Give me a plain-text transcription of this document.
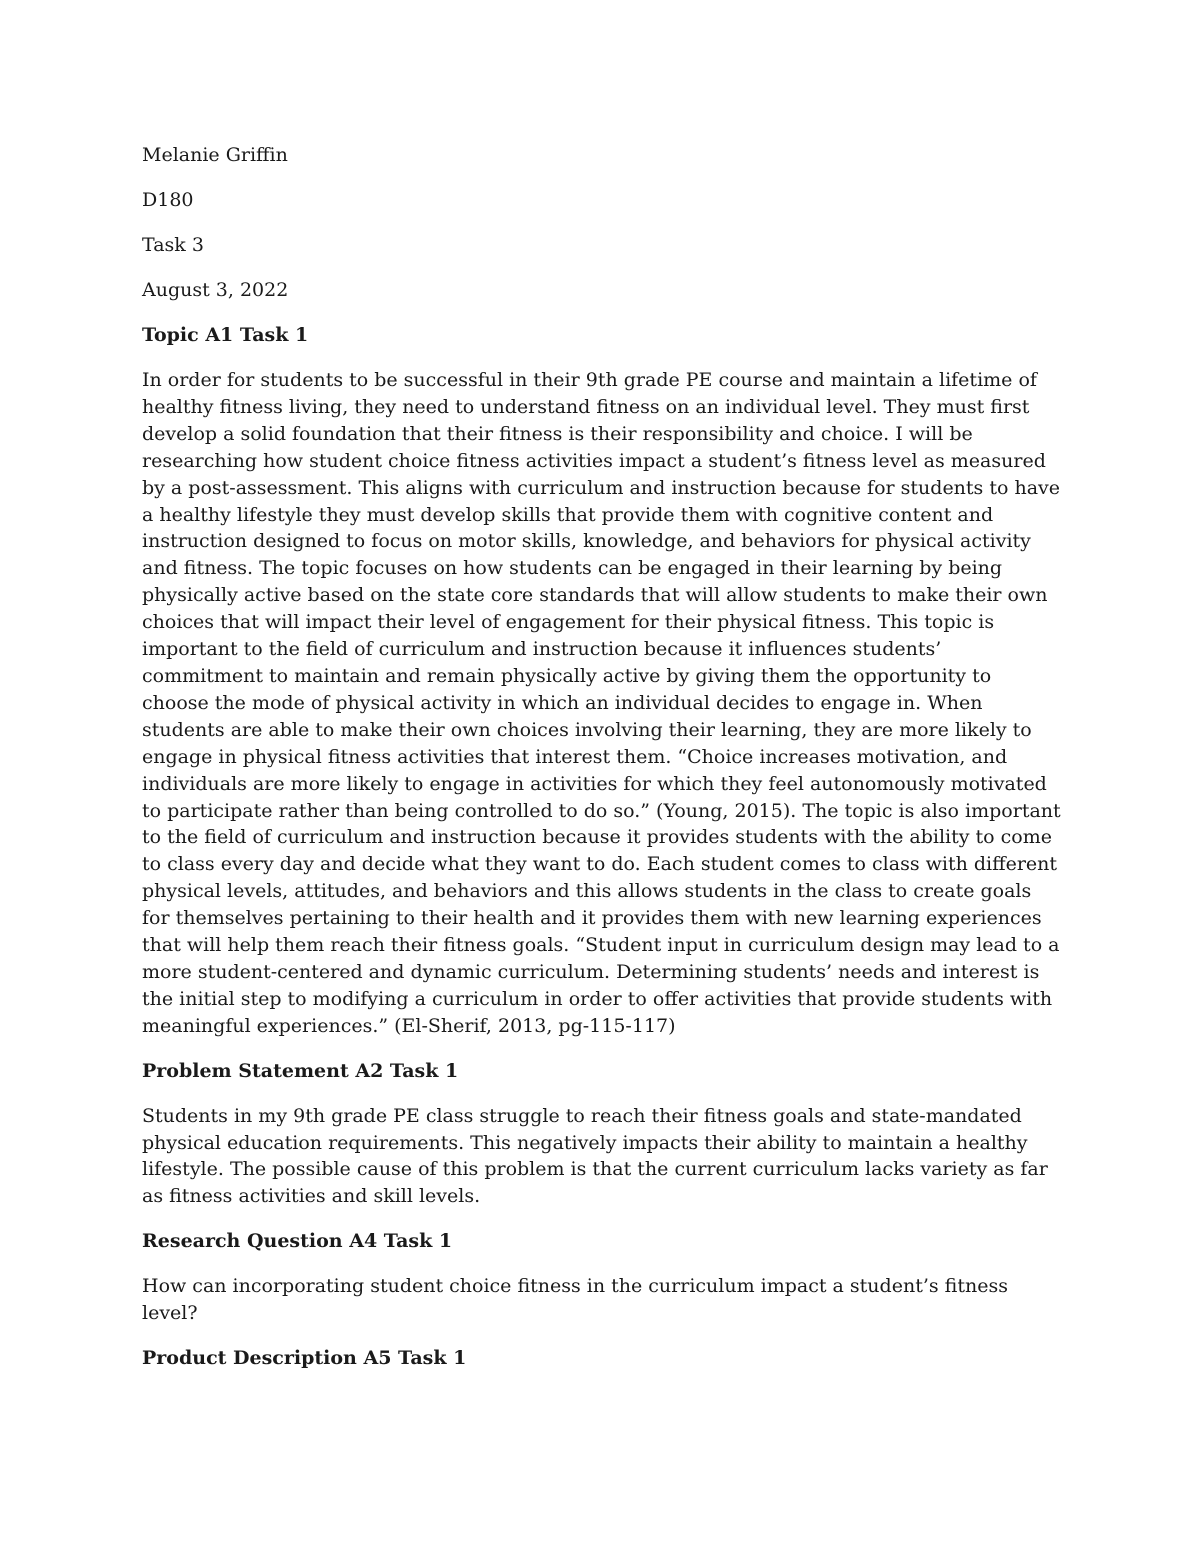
Melanie Griffin
D180
Task 3
August 3, 2022
Topic A1 Task 1

In order for students to be successful in their 9th grade PE course and maintain a lifetime of healthy fitness living, they need to understand fitness on an individual level. They must first develop a solid foundation that their fitness is their responsibility and choice. I will be researching how student choice fitness activities impact a student’s fitness level as measured by a post-assessment. This aligns with curriculum and instruction because for students to have a healthy lifestyle they must develop skills that provide them with cognitive content and instruction designed to focus on motor skills, knowledge, and behaviors for physical activity and fitness. The topic focuses on how students can be engaged in their learning by being physically active based on the state core standards that will allow students to make their own choices that will impact their level of engagement for their physical fitness. This topic is important to the field of curriculum and instruction because it influences students’ commitment to maintain and remain physically active by giving them the opportunity to choose the mode of physical activity in which an individual decides to engage in. When students are able to make their own choices involving their learning, they are more likely to engage in physical fitness activities that interest them. “Choice increases motivation, and individuals are more likely to engage in activities for which they feel autonomously motivated to participate rather than being controlled to do so.” (Young, 2015). The topic is also important to the field of curriculum and instruction because it provides students with the ability to come to class every day and decide what they want to do. Each student comes to class with different physical levels, attitudes, and behaviors and this allows students in the class to create goals for themselves pertaining to their health and it provides them with new learning experiences that will help them reach their fitness goals. “Student input in curriculum design may lead to a more student-centered and dynamic curriculum. Determining students’ needs and interest is the initial step to modifying a curriculum in order to offer activities that provide students with meaningful experiences.” (El-Sherif, 2013, pg-115-117)

Problem Statement A2 Task 1

Students in my 9th grade PE class struggle to reach their fitness goals and state-mandated physical education requirements. This negatively impacts their ability to maintain a healthy lifestyle. The possible cause of this problem is that the current curriculum lacks variety as far as fitness activities and skill levels.

Research Question A4 Task 1

How can incorporating student choice fitness in the curriculum impact a student’s fitness level?

Product Description A5 Task 1
